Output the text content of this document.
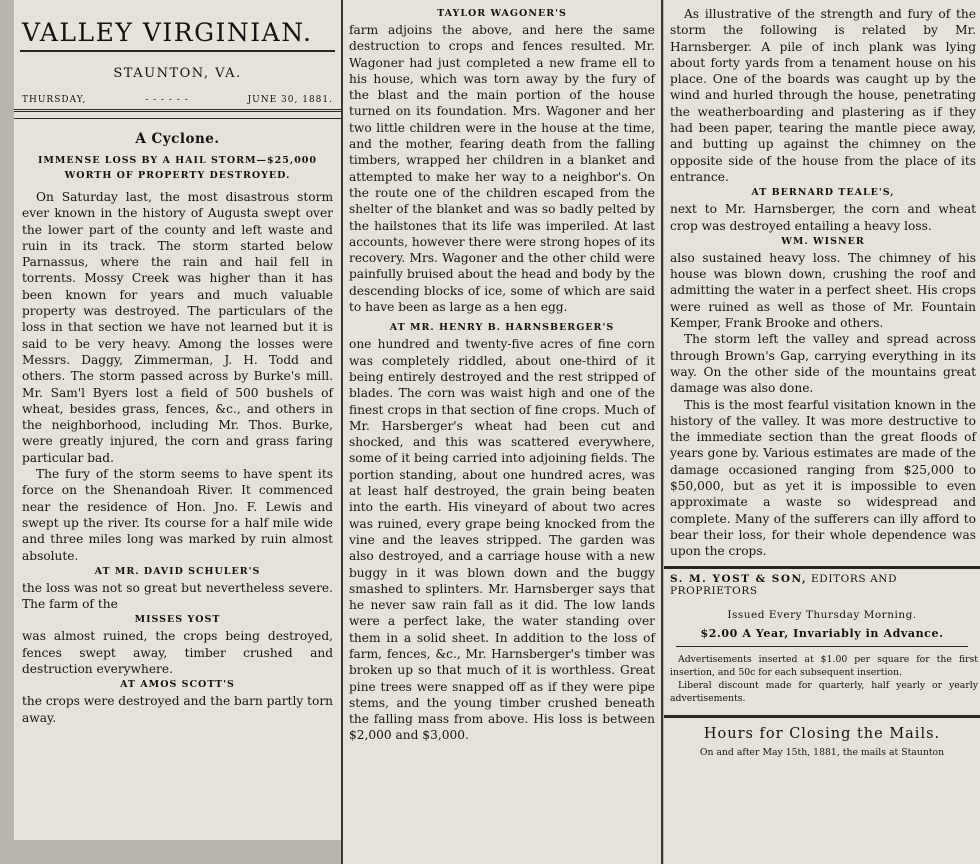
VALLEY VIRGINIAN.
STAUNTON, VA.
THURSDAY,	- - - - - -	JUNE 30, 1881.
A Cyclone.
IMMENSE LOSS BY A HAIL STORM—$25,000 WORTH OF PROPERTY DESTROYED.

On Saturday last, the most disastrous storm ever known in the history of Augusta swept over the lower part of the county and left waste and ruin in its track. The storm started below Parnassus, where the rain and hail fell in torrents. Mossy Creek was higher than it has been known for years and much valuable property was destroyed. The particulars of the loss in that section we have not learned but it is said to be very heavy. Among the losses were Messrs. Daggy, Zimmerman, J. H. Todd and others. The storm passed across by Burke's mill. Mr. Sam'l Byers lost a field of 500 bushels of wheat, besides grass, fences, &c., and others in the neighborhood, including Mr. Thos. Burke, were greatly injured, the corn and grass faring particular bad.

The fury of the storm seems to have spent its force on the Shenandoah River. It commenced near the residence of Hon. Jno. F. Lewis and swept up the river. Its course for a half mile wide and three miles long was marked by ruin almost absolute.

AT MR. DAVID SCHULER'S

the loss was not so great but nevertheless severe. The farm of the

MISSES YOST

was almost ruined, the crops being destroyed, fences swept away, timber crushed and destruction everywhere.

AT AMOS SCOTT'S

the crops were destroyed and the barn partly torn away.

TAYLOR WAGONER'S

farm adjoins the above, and here the same destruction to crops and fences resulted. Mr. Wagoner had just completed a new frame ell to his house, which was torn away by the fury of the blast and the main portion of the house turned on its foundation. Mrs. Wagoner and her two little children were in the house at the time, and the mother, fearing death from the falling timbers, wrapped her children in a blanket and attempted to make her way to a neighbor's. On the route one of the children escaped from the shelter of the blanket and was so badly pelted by the hailstones that its life was imperiled. At last accounts, however there were strong hopes of its recovery. Mrs. Wagoner and the other child were painfully bruised about the head and body by the descending blocks of ice, some of which are said to have been as large as a hen egg.

AT MR. HENRY B. HARNSBERGER'S

one hundred and twenty-five acres of fine corn was completely riddled, about one-third of it being entirely destroyed and the rest stripped of blades. The corn was waist high and one of the finest crops in that section of fine crops. Much of Mr. Harsberger's wheat had been cut and shocked, and this was scattered everywhere, some of it being carried into adjoining fields. The portion standing, about one hundred acres, was at least half destroyed, the grain being beaten into the earth. His vineyard of about two acres was ruined, every grape being knocked from the vine and the leaves stripped. The garden was also destroyed, and a carriage house with a new buggy in it was blown down and the buggy smashed to splinters. Mr. Harnsberger says that he never saw rain fall as it did. The low lands were a perfect lake, the water standing over them in a solid sheet. In addition to the loss of farm, fences, &c., Mr. Harnsberger's timber was broken up so that much of it is worthless. Great pine trees were snapped off as if they were pipe stems, and the young timber crushed beneath the falling mass from above. His loss is between $2,000 and $3,000.

As illustrative of the strength and fury of the storm the following is related by Mr. Harnsberger. A pile of inch plank was lying about forty yards from a tenament house on his place. One of the boards was caught up by the wind and hurled through the house, penetrating the weatherboarding and plastering as if they had been paper, tearing the mantle piece away, and butting up against the chimney on the opposite side of the house from the place of its entrance.

AT BERNARD TEALE'S,

next to Mr. Harnsberger, the corn and wheat crop was destroyed entailing a heavy loss.

WM. WISNER

also sustained heavy loss. The chimney of his house was blown down, crushing the roof and admitting the water in a perfect sheet. His crops were ruined as well as those of Mr. Fountain Kemper, Frank Brooke and others.

The storm left the valley and spread across through Brown's Gap, carrying everything in its way. On the other side of the mountains great damage was also done.

This is the most fearful visitation known in the history of the valley. It was more destructive to the immediate section than the great floods of years gone by. Various estimates are made of the damage occasioned ranging from $25,000 to $50,000, but as yet it is impossible to even approximate a waste so widespread and complete. Many of the sufferers can illy afford to bear their loss, for their whole dependence was upon the crops.

S. M. YOST & SON, EDITORS AND PROPRIETORS
Issued Every Thursday Morning.
$2.00 A Year, Invariably in Advance.

Advertisements inserted at $1.00 per square for the first insertion, and 50c for each subsequent insertion.

Liberal discount made for quarterly, half yearly or yearly advertisements.

Hours for Closing the Mails.
On and after May 15th, 1881, the mails at Staunton
